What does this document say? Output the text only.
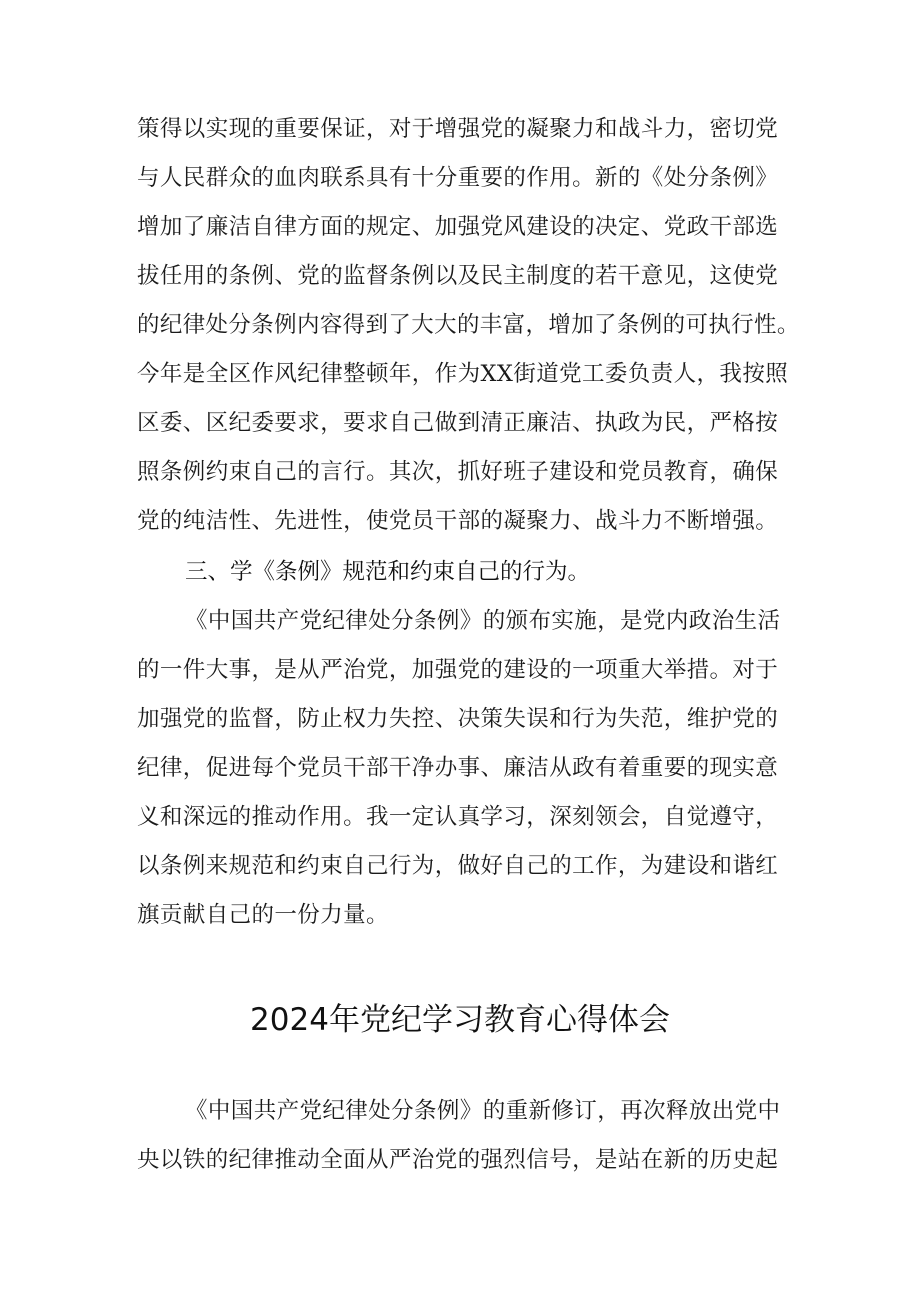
策得以实现的重要保证，对于增强党的凝聚力和战斗力，密切党
与人民群众的血肉联系具有十分重要的作用。新的《处分条例》
增加了廉洁自律方面的规定、加强党风建设的决定、党政干部选
拔任用的条例、党的监督条例以及民主制度的若干意见，这使党
的纪律处分条例内容得到了大大的丰富，增加了条例的可执行性。
今年是全区作风纪律整顿年，作为XX街道党工委负责人，我按照
区委、区纪委要求，要求自己做到清正廉洁、执政为民，严格按
照条例约束自己的言行。其次，抓好班子建设和党员教育，确保
党的纯洁性、先进性，使党员干部的凝聚力、战斗力不断增强。
三、学《条例》规范和约束自己的行为。
《中国共产党纪律处分条例》的颁布实施，是党内政治生活
的一件大事，是从严治党，加强党的建设的一项重大举措。对于
加强党的监督，防止权力失控、决策失误和行为失范，维护党的
纪律，促进每个党员干部干净办事、廉洁从政有着重要的现实意
义和深远的推动作用。我一定认真学习，深刻领会，自觉遵守，
以条例来规范和约束自己行为，做好自己的工作，为建设和谐红
旗贡献自己的一份力量。
2024年党纪学习教育心得体会
《中国共产党纪律处分条例》的重新修订，再次释放出党中
央以铁的纪律推动全面从严治党的强烈信号，是站在新的历史起
